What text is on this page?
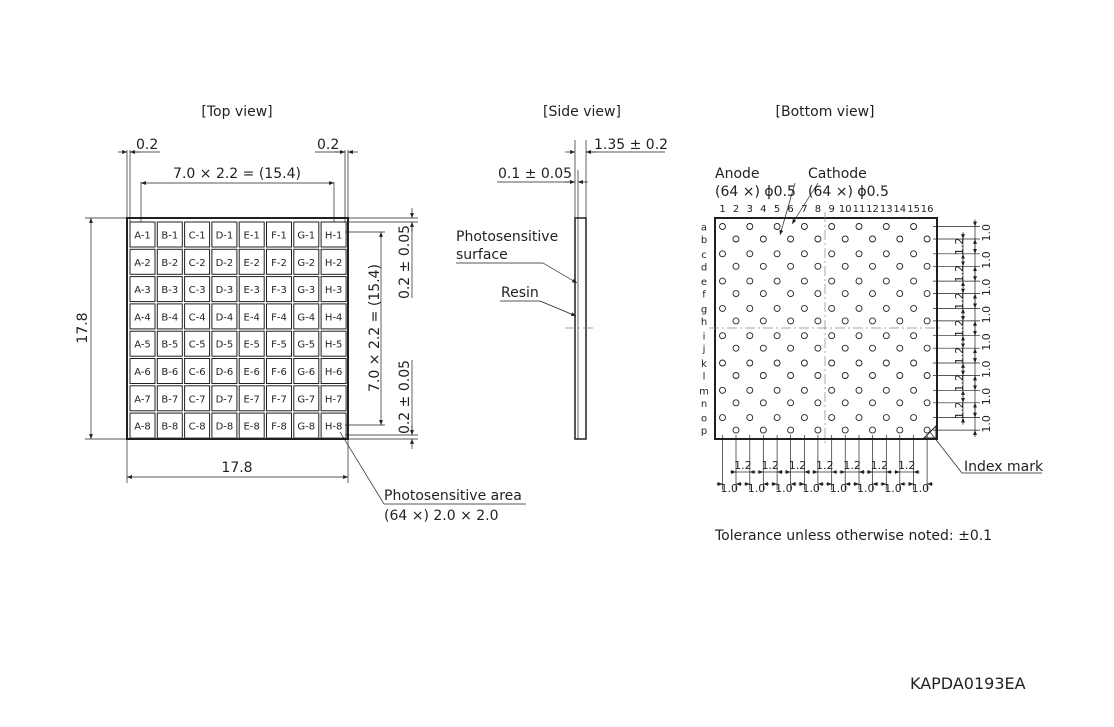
[Top view]	[Side view]	[Bottom view]
A-1 B-1 C-1 D-1 E-1 F-1 G-1 H-1
A-2 B-2 C-2 D-2 E-2 F-2 G-2 H-2
A-3 B-3 C-3 D-3 E-3 F-3 G-3 H-3
A-4 B-4 C-4 D-4 E-4 F-4 G-4 H-4
A-5 B-5 C-5 D-5 E-5 F-5 G-5 H-5
A-6 B-6 C-6 D-6 E-6 F-6 G-6 H-6
A-7 B-7 C-7 D-7 E-7 F-7 G-7 H-7
A-8 B-8 C-8 D-8 E-8 F-8 G-8 H-8
0.2	0.2
7.0 × 2.2 = (15.4)
17.8
17.8
7.0 × 2.2 = (15.4)
0.2 ± 0.05
0.2 ± 0.05
Photosensitive area
(64 ×) 2.0 × 2.0
1.35 ± 0.2
0.1 ± 0.05
Photosensitive
surface
Resin
1 2 3 4 5 6 7 8 9 10 11 12 13 14 15 16
a
b
c
d
e
f
g
h
i
j
k
l
m
n
o
p
1.0
1.2
1.0
1.2
1.0
1.2
1.0
1.2
1.0
1.2
1.0
1.2
1.0
1.2
1.0
1.2 1.2 1.2 1.2 1.2 1.2 1.2
1.0 1.0 1.0 1.0 1.0 1.0 1.0 1.0
Anode
(64 ×) ϕ0.5
Cathode
(64 ×) ϕ0.5
Index mark
Tolerance unless otherwise noted: ±0.1
KAPDA0193EA
